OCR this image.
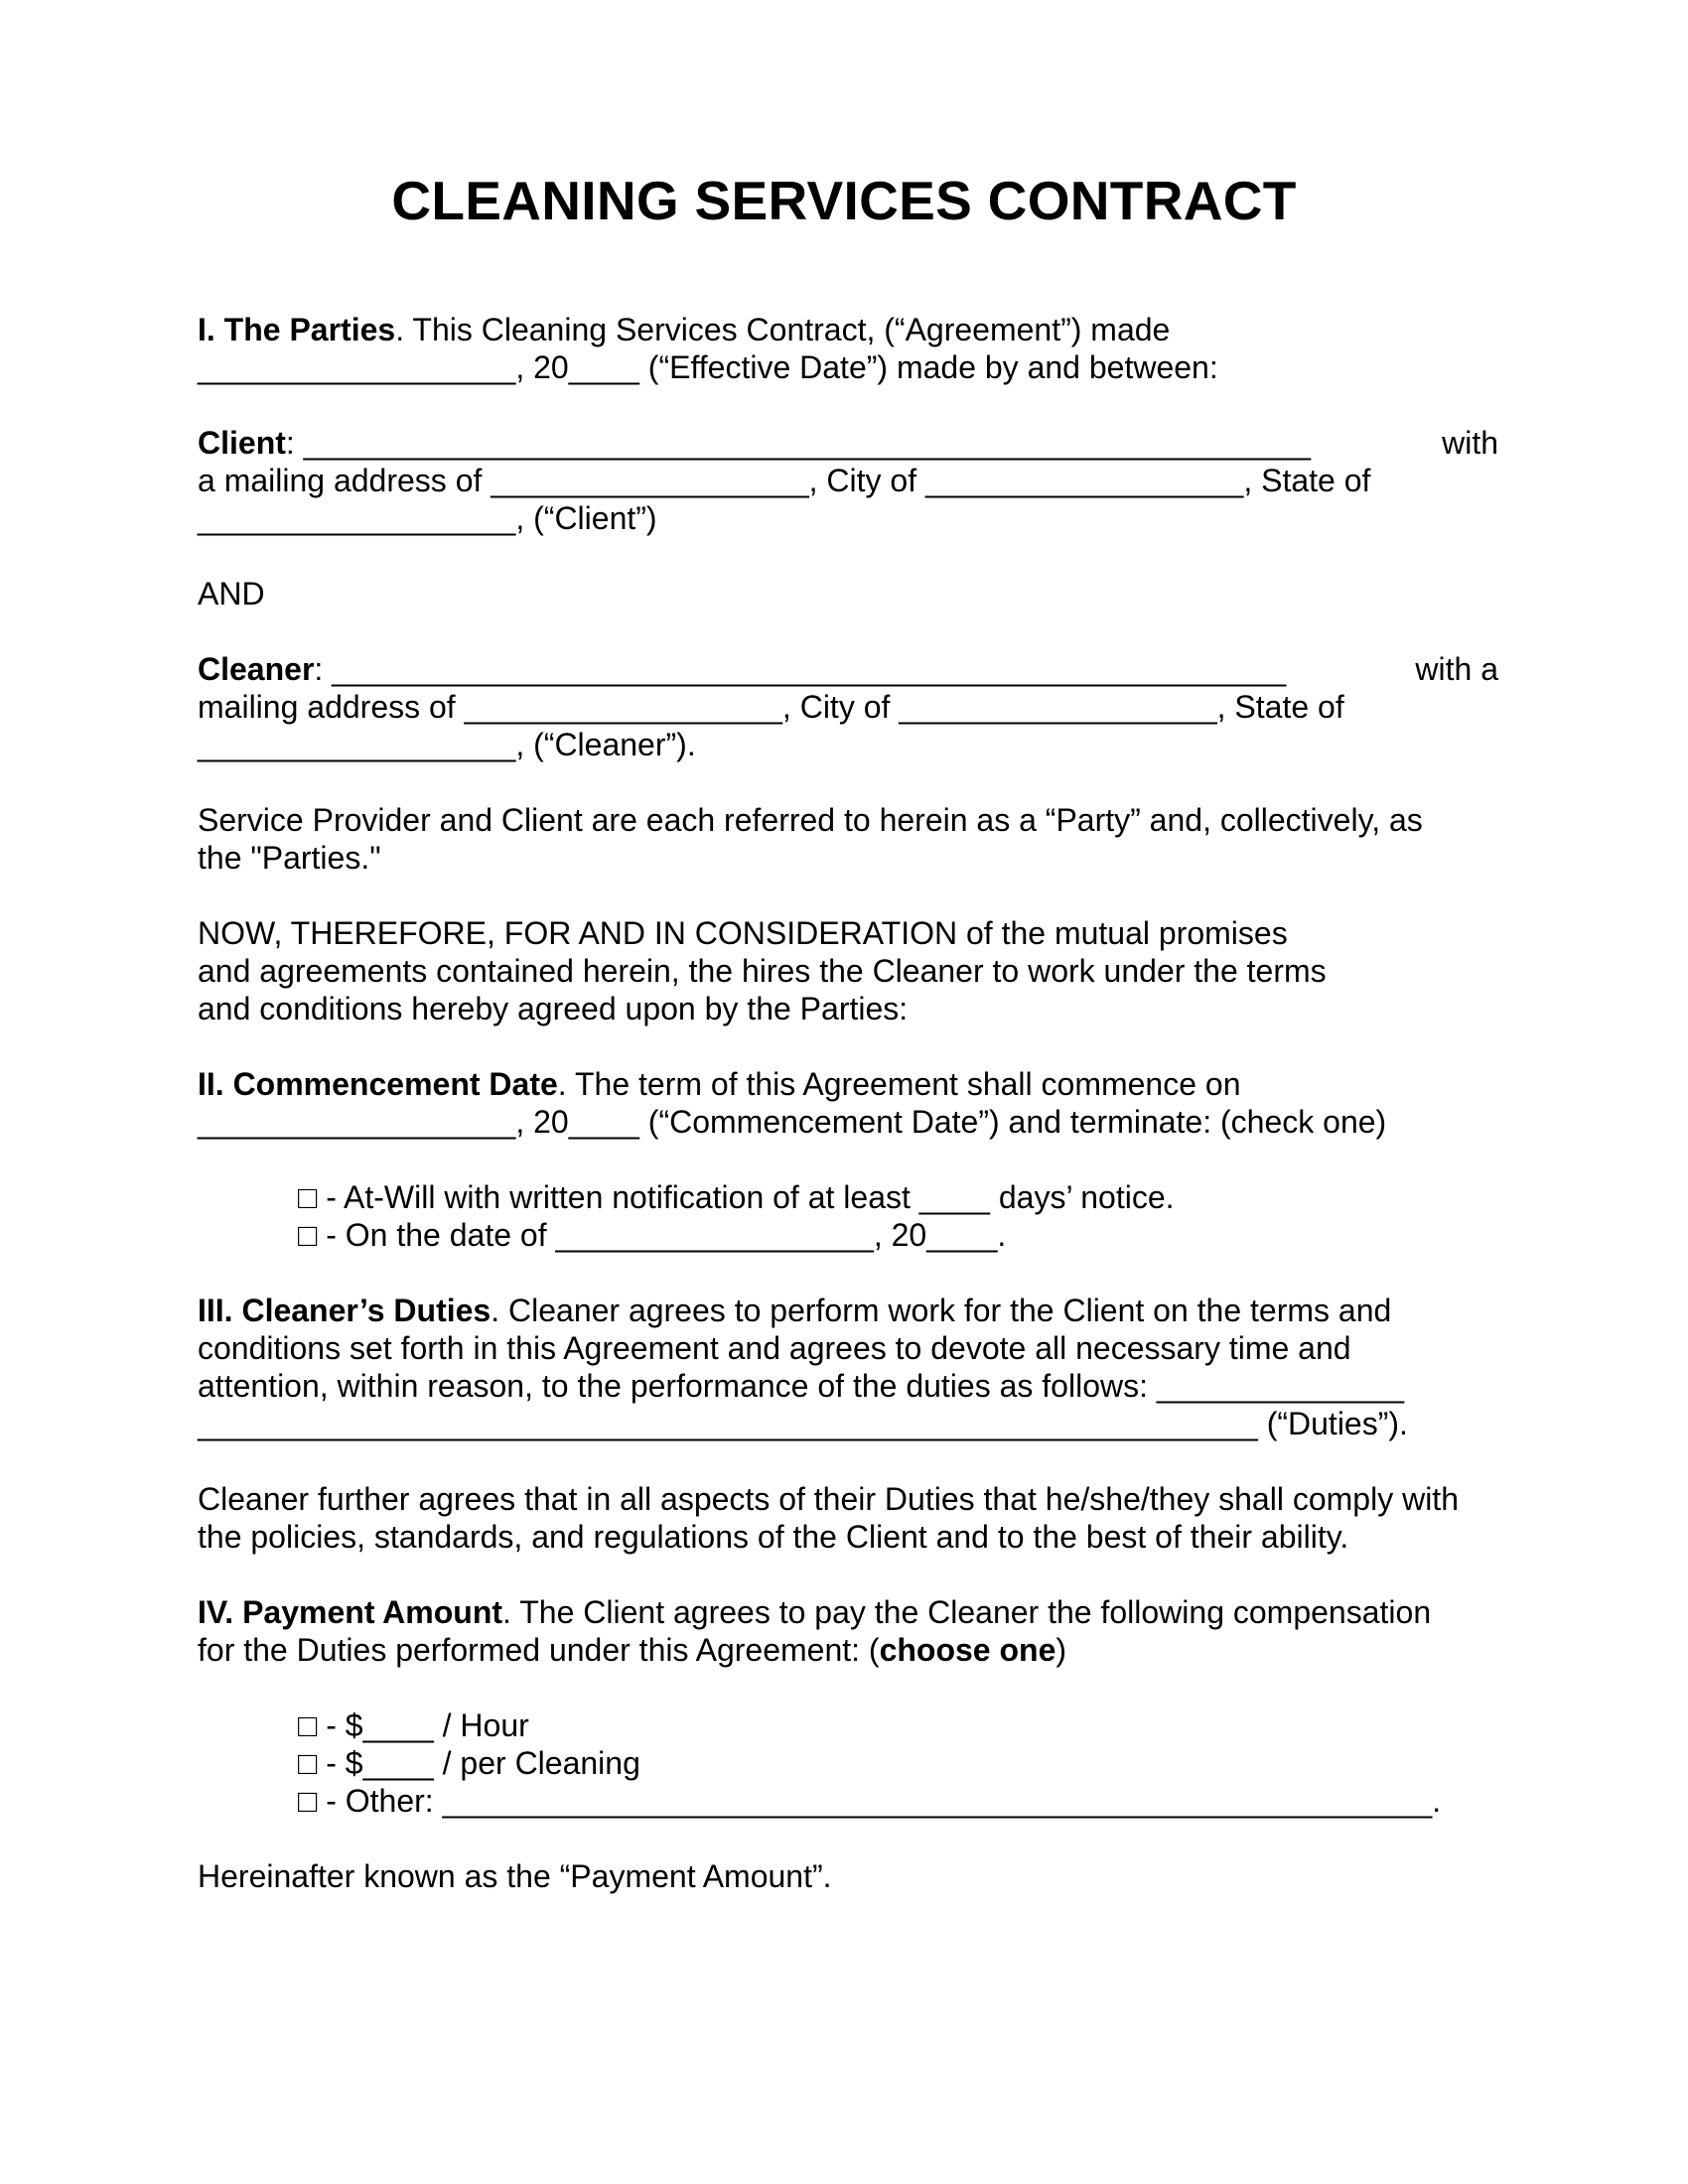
CLEANING SERVICES CONTRACT

I. The Parties. This Cleaning Services Contract, (“Agreement”) made
__________________, 20____ (“Effective Date”) made by and between:

Client: _________________________________________________________	with
a mailing address of __________________, City of __________________, State of
__________________, (“Client”)

AND

Cleaner: ______________________________________________________	with a
mailing address of __________________, City of __________________, State of
__________________, (“Cleaner”).

Service Provider and Client are each referred to herein as a “Party” and, collectively, as
the "Parties."

NOW, THEREFORE, FOR AND IN CONSIDERATION of the mutual promises
and agreements contained herein, the hires the Cleaner to work under the terms
and conditions hereby agreed upon by the Parties:

II. Commencement Date. The term of this Agreement shall commence on
__________________, 20____ (“Commencement Date”) and terminate: (check one)

□ - At-Will with written notification of at least ____ days’ notice.
□ - On the date of __________________, 20____.

III. Cleaner’s Duties. Cleaner agrees to perform work for the Client on the terms and
conditions set forth in this Agreement and agrees to devote all necessary time and
attention, within reason, to the performance of the duties as follows: ______________
____________________________________________________________ (“Duties”).

Cleaner further agrees that in all aspects of their Duties that he/she/they shall comply with
the policies, standards, and regulations of the Client and to the best of their ability.

IV. Payment Amount. The Client agrees to pay the Cleaner the following compensation
for the Duties performed under this Agreement: (choose one)

□ - $____ / Hour
□ - $____ / per Cleaning
□ - Other: ________________________________________________________.

Hereinafter known as the “Payment Amount”.
